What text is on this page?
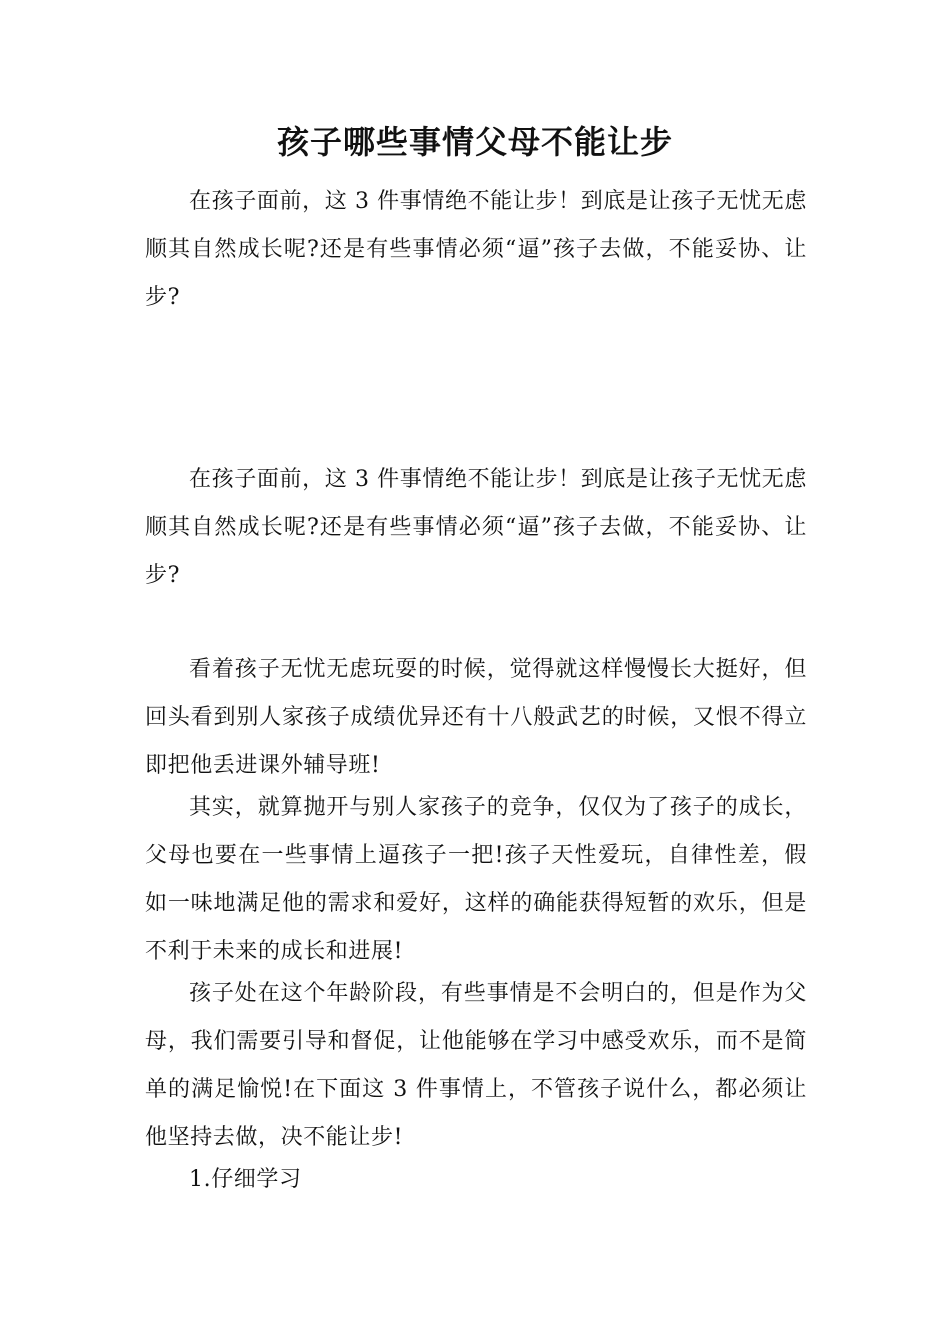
孩子哪些事情父母不能让步

在孩子面前，这 3 件事情绝不能让步！到底是让孩子无忧无虑顺其自然成长呢?还是有些事情必须“逼”孩子去做，不能妥协、让步?

在孩子面前，这 3 件事情绝不能让步！到底是让孩子无忧无虑顺其自然成长呢?还是有些事情必须“逼”孩子去做，不能妥协、让步?

看着孩子无忧无虑玩耍的时候，觉得就这样慢慢长大挺好，但回头看到别人家孩子成绩优异还有十八般武艺的时候，又恨不得立即把他丢进课外辅导班!

其实，就算抛开与别人家孩子的竞争，仅仅为了孩子的成长，父母也要在一些事情上逼孩子一把!孩子天性爱玩，自律性差，假如一味地满足他的需求和爱好，这样的确能获得短暂的欢乐，但是不利于未来的成长和进展!

孩子处在这个年龄阶段，有些事情是不会明白的，但是作为父母，我们需要引导和督促，让他能够在学习中感受欢乐，而不是简单的满足愉悦!在下面这 3 件事情上，不管孩子说什么，都必须让他坚持去做，决不能让步!

1.仔细学习
